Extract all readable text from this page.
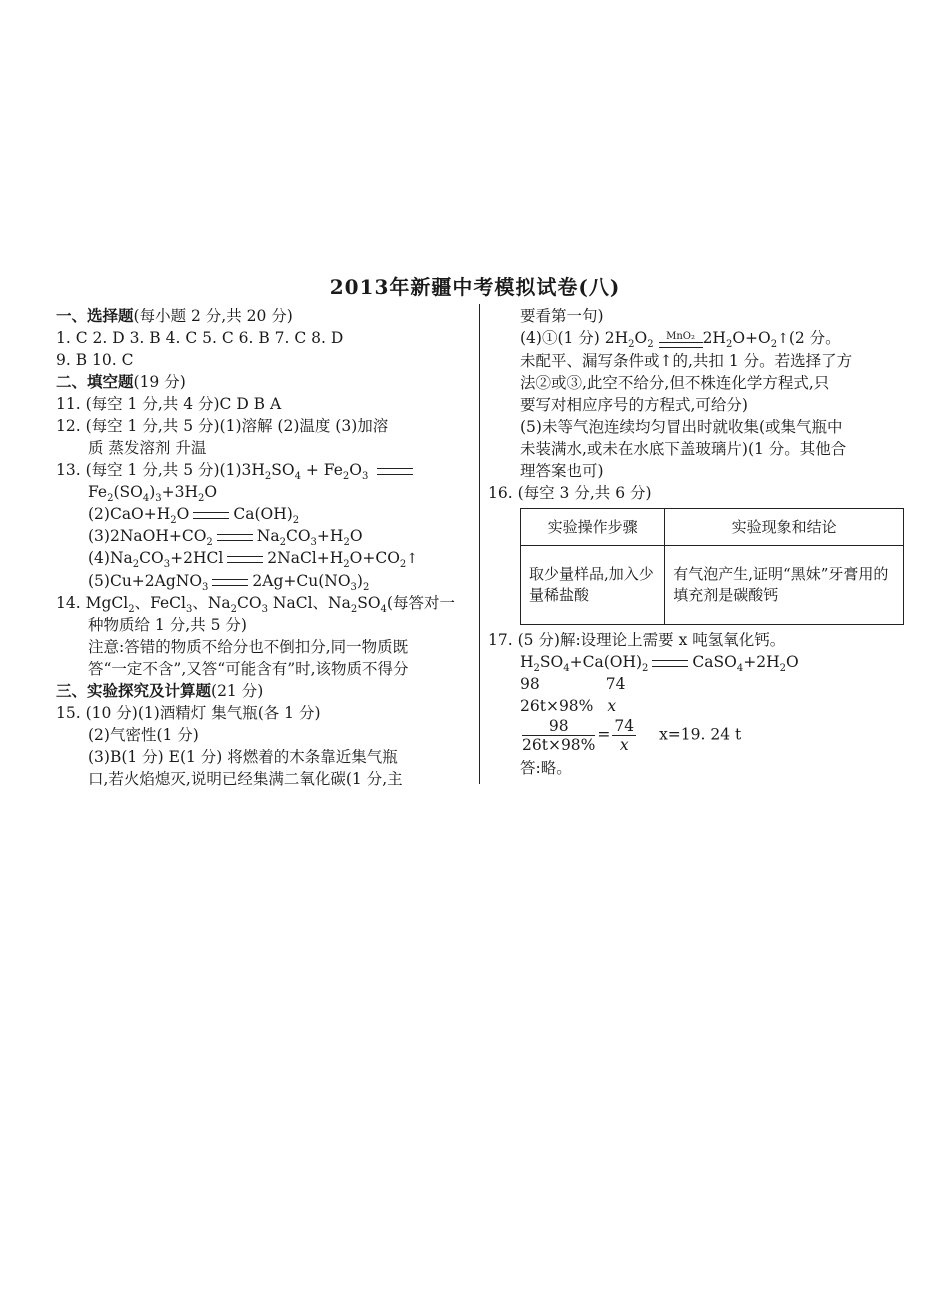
2013年新疆中考模拟试卷(八)
一、选择题(每小题 2 分,共 20 分)
1. C 2. D 3. B 4. C 5. C 6. B 7. C 8. D
9. B 10. C
二、填空题(19 分)
11. (每空 1 分,共 4 分)C D B A
12. (每空 1 分,共 5 分)(1)溶解 (2)温度 (3)加溶
质 蒸发溶剂 升温
13. (每空 1 分,共 5 分)$(1)3H_2SO_4 + Fe_2O_3$
$Fe_2(SO_4)_3+3H_2O$
$(2)CaO+H_2O$	$Ca(OH)_2$
$(3)2NaOH+CO_2$	$Na_2CO_3+H_2O$
$(4)Na_2CO_3+2HCl$	$2NaCl+H_2O+CO_2$ ↑
(5)Cu+2AgNO$_3$	$2Ag+Cu(NO_3)_2$
14. MgCl$_2$、FeCl$_3$、$Na_2CO_3$ NaCl、$Na_2SO_4$(每答对一
种物质给 1 分,共 5 分)
注意:答错的物质不给分也不倒扣分,同一物质既
答“一定不含”,又答“可能含有”时,该物质不得分
三、实验探究及计算题(21 分)
15. (10 分)(1)酒精灯 集气瓶(各 1 分)
(2)气密性(1 分)
(3)B(1 分) E(1 分) 将燃着的木条靠近集气瓶
口,若火焰熄灭,说明已经集满二氧化碳(1 分,主
要看第一句)
(4)①(1 分) $2H_2O_2$
MnO₂ $2H_2O+O_2$ ↑ (2 分。
未配平、漏写条件或↑的,共扣 1 分。若选择了方
法②或③,此空不给分,但不株连化学方程式,只
要写对相应序号的方程式,可给分)
(5)未等气泡连续均匀冒出时就收集(或集气瓶中
未装满水,或未在水底下盖玻璃片)(1 分。其他合
理答案也可)
16. (每空 3 分,共 6 分)
实验操作步骤	实验现象和结论
取少量样品,加入少量稀盐酸	有气泡产生,证明“黑妹”牙膏用的填充剂是碳酸钙
17. (5 分)解:设理论上需要 x 吨氢氧化钙。
$H_2SO_4+Ca(OH)_2$	$CaSO_4+2H_2O$
98	74
26t×98% x
$\frac{98}{26t\times 98\%} = \frac{74}{x} x=19$. 24 t
答:略。
